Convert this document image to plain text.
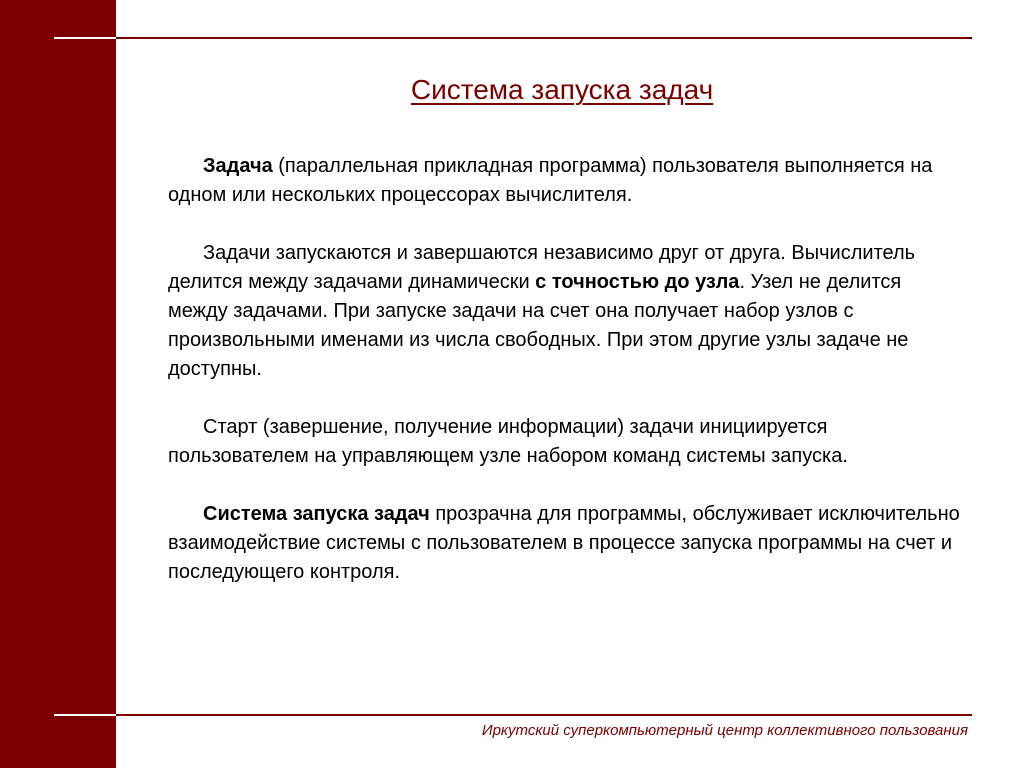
Система запуска задач

Задача (параллельная прикладная программа) пользователя выполняется на одном или нескольких процессорах вычислителя.

Задачи запускаются и завершаются независимо друг от друга. Вычислитель делится между задачами динамически с точностью до узла. Узел не делится между задачами. При запуске задачи на счет она получает набор узлов с произвольными именами из числа свободных. При этом другие узлы задаче не доступны.

Старт (завершение, получение информации) задачи инициируется пользователем на управляющем узле набором команд системы запуска.

Система запуска задач прозрачна для программы, обслуживает исключительно взаимодействие системы с пользователем в процессе запуска программы на счет и последующего контроля.

Иркутский суперкомпьютерный центр коллективного пользования
